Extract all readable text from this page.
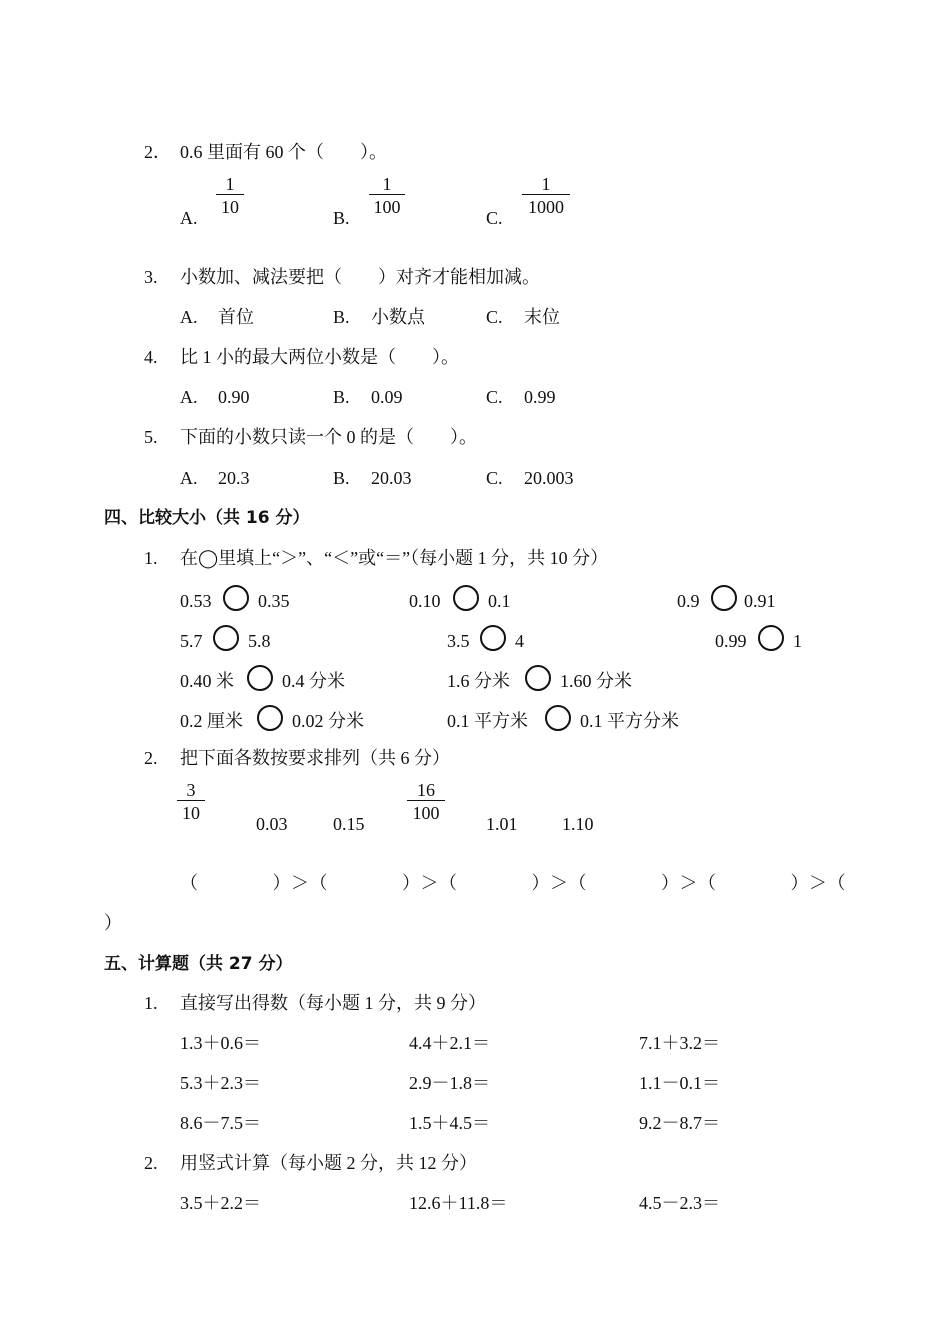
2． 0.6 里面有 60 个（　　）。
A.
$\frac{1}{10}$
B.
$\frac{1}{100}$
C.
$\frac{1}{1000}$
3. 小数加、减法要把（　　）对齐才能相加减。
A. 首位	B. 小数点	C. 末位
4. 比 1 小的最大两位小数是（　　）。
A. 0.90	B. 0.09	C. 0.99
5. 下面的小数只读一个 0 的是（　　）。
A. 20.3	B. 20.03	C. 20.003
四、比较大小（共 16 分）
1. 在◯里填上“＞”、“＜”或“＝”（每小题 1 分，共 10 分）
0.53	0.35	0.10	0.1	0.9 0.91
5.7	5.8	3.5	4	0.99	1
0.40 米	0.4 分米	1.6 分米	1.60 分米
0.2 厘米	0.02 分米	0.1 平方米	0.1 平方分米
2. 把下面各数按要求排列（共 6 分）
$\frac{3}{10}$
0.03	0.15
$\frac{16}{100}$
1.01 1.10
（　　　　）＞（　　　　）＞（　　　　）＞（　　　　）＞（　　　　）＞（
）
五、计算题（共 27 分）
1. 直接写出得数（每小题 1 分，共 9 分）
1.3＋0.6＝	4.4＋2.1＝	7.1＋3.2＝
5.3＋2.3＝	2.9－1.8＝	1.1－0.1＝
8.6－7.5＝	1.5＋4.5＝	9.2－8.7＝
2. 用竖式计算（每小题 2 分，共 12 分）
3.5＋2.2＝	12.6＋11.8＝	4.5－2.3＝
